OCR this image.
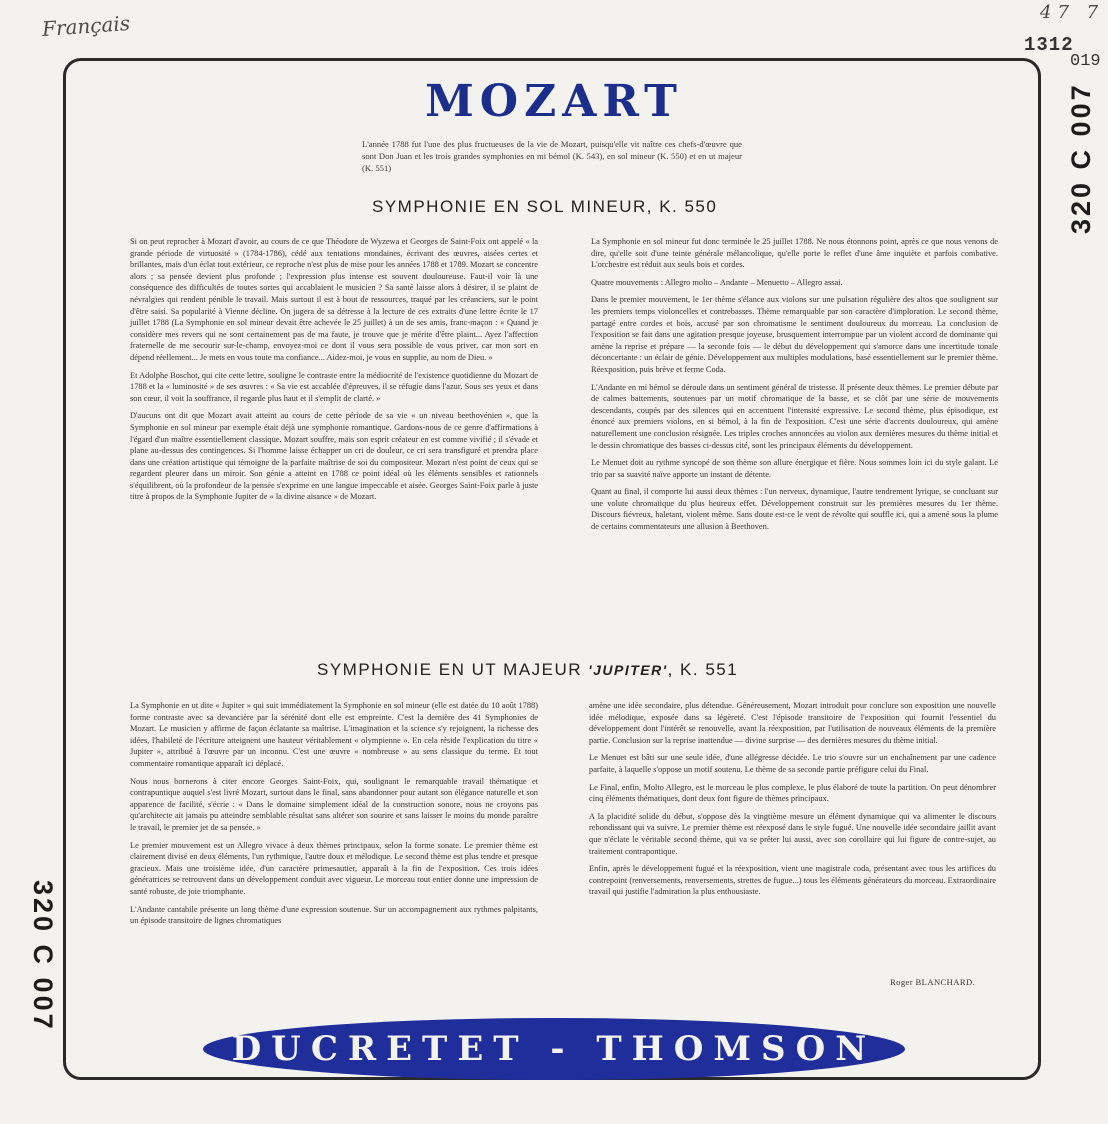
Français	47 7
1312
019
320 C 007
320 C 007
MOZART
L'année 1788 fut l'une des plus fructueuses de la vie de Mozart, puisqu'elle vit naître ces chefs-d'œuvre que sont Don Juan et les trois grandes symphonies en mi bémol (K. 543), en sol mineur (K. 550) et en ut majeur (K. 551)
SYMPHONIE EN SOL MINEUR, K. 550

Si on peut reprocher à Mozart d'avoir, au cours de ce que Théodore de Wyzewa et Georges de Saint-Foix ont appelé « la grande période de virtuosité » (1784-1786), cédé aux tentations mondaines, écrivant des œuvres, aisées certes et brillantes, mais d'un éclat tout extérieur, ce reproche n'est plus de mise pour les années 1788 et 1789. Mozart se concentre alors ; sa pensée devient plus profonde ; l'expression plus intense est souvent douloureuse. Faut-il voir là une conséquence des difficultés de toutes sortes qui accablaient le musicien ? Sa santé laisse alors à désirer, il se plaint de névralgies qui rendent pénible le travail. Mais surtout il est à bout de ressources, traqué par les créanciers, sur le point d'être saisi. Sa popularité à Vienne décline. On jugera de sa détresse à la lecture de ces extraits d'une lettre écrite le 17 juillet 1788 (La Symphonie en sol mineur devait être achevée le 25 juillet) à un de ses amis, franc-maçon : « Quand je considère mes revers qui ne sont certainement pas de ma faute, je trouve que je mérite d'être plaint... Ayez l'affection fraternelle de me secourir sur-le-champ, envoyez-moi ce dont il vous sera possible de vous priver, car mon sort en dépend réellement... Je mets en vous toute ma confiance... Aidez-moi, je vous en supplie, au nom de Dieu. »

Et Adolphe Boschot, qui cite cette lettre, souligne le contraste entre la médiocrité de l'existence quotidienne du Mozart de 1788 et la « luminosité » de ses œuvres : « Sa vie est accablée d'épreuves, il se réfugie dans l'azur. Sous ses yeux et dans son cœur, il voit la souffrance, il regarde plus haut et il s'emplit de clarté. »

D'aucuns ont dit que Mozart avait atteint au cours de cette période de sa vie « un niveau beethovénien », que la Symphonie en sol mineur par exemple était déjà une symphonie romantique. Gardons-nous de ce genre d'affirmations à l'égard d'un maître essentiellement classique. Mozart souffre, mais son esprit créateur en est comme vivifié ; il s'évade et plane au-dessus des contingences. Si l'homme laisse échapper un cri de douleur, ce cri sera transfiguré et prendra place dans une création artistique qui témoigne de la parfaite maîtrise de soi du compositeur. Mozart n'est point de ceux qui se regardent pleurer dans un miroir. Son génie a atteint en 1788 ce point idéal où les éléments sensibles et rationnels s'équilibrent, où la profondeur de la pensée s'exprime en une langue impeccable et aisée. Georges Saint-Foix parle à juste titre à propos de la Symphonie Jupiter de « la divine aisance » de Mozart.

La Symphonie en sol mineur fut donc terminée le 25 juillet 1788. Ne nous étonnons point, après ce que nous venons de dire, qu'elle soit d'une teinte générale mélancolique, qu'elle porte le reflet d'une âme inquiète et parfois combative. L'orchestre est réduit aux seuls bois et cordes.

Quatre mouvements : Allegro molto – Andante – Menuetto – Allegro assai.

Dans le premier mouvement, le 1er thème s'élance aux violons sur une pulsation régulière des altos que soulignent sur les premiers temps violoncelles et contrebasses. Thème remarquable par son caractère d'imploration. Le second thème, partagé entre cordes et bois, accusé par son chromatisme le sentiment douloureux du morceau. La conclusion de l'exposition se fait dans une agitation presque joyeuse, brusquement interrompue par un violent accord de dominante qui amène la reprise et prépare — la seconde fois — le début du développement qui s'amorce dans une incertitude tonale déconcertante : un éclair de génie. Développement aux multiples modulations, basé essentiellement sur le premier thème. Réexposition, puis brève et ferme Coda.

L'Andante en mi bémol se déroule dans un sentiment général de tristesse. Il présente deux thèmes. Le premier débute par de calmes battements, soutenues par un motif chromatique de la basse, et se clôt par une série de mouvements descendants, coupés par des silences qui en accentuent l'intensité expressive. Le second thème, plus épisodique, est énoncé aux premiers violons, en si bémol, à la fin de l'exposition. C'est une série d'accents douloureux, qui amène naturellement une conclusion résignée. Les triples croches annoncées au violon aux dernières mesures du thème initial et le dessin chromatique des basses ci-dessus cité, sont les principaux éléments du développement.

Le Menuet doit au rythme syncopé de son thème son allure énergique et fière. Nous sommes loin ici du style galant. Le trio par sa suavité naïve apporte un instant de détente.

Quant au final, il comporte lui aussi deux thèmes : l'un nerveux, dynamique, l'autre tendrement lyrique, se concluant sur une volute chromatique du plus heureux effet. Développement construit sur les premières mesures du 1er thème. Discours fiévreux, haletant, violent même. Sans doute est-ce le vent de révolte qui souffle ici, qui a amené sous la plume de certains commentateurs une allusion à Beethoven.

SYMPHONIE EN UT MAJEUR 'JUPITER', K. 551

La Symphonie en ut dite « Jupiter » qui suit immédiatement la Symphonie en sol mineur (elle est datée du 10 août 1788) forme contraste avec sa devancière par la sérénité dont elle est empreinte. C'est la dernière des 41 Symphonies de Mozart. Le musicien y affirme de façon éclatante sa maîtrise. L'imagination et la science s'y rejoignent, la richesse des idées, l'habileté de l'écriture atteignent une hauteur véritablement « olympienne ». En cela réside l'explication du titre « Jupiter », attribué à l'œuvre par un inconnu. C'est une œuvre « nombreuse » au sens classique du terme. Et tout commentaire romantique apparaît ici déplacé.

Nous nous bornerons à citer encore Georges Saint-Foix, qui, soulignant le remarquable travail thématique et contrapuntique auquel s'est livré Mozart, surtout dans le final, sans abandonner pour autant son élégance naturelle et son apparence de facilité, s'écrie : « Dans le domaine simplement idéal de la construction sonore, nous ne croyons pas qu'architecte ait jamais pu atteindre semblable résultat sans altérer son sourire et sans laisser le moins du monde paraître le travail, le premier jet de sa pensée. »

Le premier mouvement est un Allegro vivace à deux thèmes principaux, selon la forme sonate. Le premier thème est clairement divisé en deux éléments, l'un rythmique, l'autre doux et mélodique. Le second thème est plus tendre et presque gracieux. Mais une troisième idée, d'un caractère primesautier, apparaît à la fin de l'exposition. Ces trois idées génératrices se retrouvent dans un développement conduit avec vigueur. Le morceau tout entier donne une impression de santé robuste, de joie triomphante.

L'Andante cantabile présente un long thème d'une expression soutenue. Sur un accompagnement aux rythmes palpitants, un épisode transitoire de lignes chromatiques

amène une idée secondaire, plus détendue. Généreusement, Mozart introduit pour conclure son exposition une nouvelle idée mélodique, exposée dans sa légèreté. C'est l'épisode transitoire de l'exposition qui fournit l'essentiel du développement dont l'intérêt se renouvelle, avant la réexposition, par l'utilisation de nouveaux éléments de la première partie. Conclusion sur la reprise inattendue — divine surprise — des dernières mesures du thème initial.

Le Menuet est bâti sur une seule idée, d'une allégresse décidée. Le trio s'ouvre sur un enchaînement par une cadence parfaite, à laquelle s'oppose un motif soutenu. Le thème de sa seconde partie préfigure celui du Final.

Le Final, enfin, Molto Allegro, est le morceau le plus complexe, le plus élaboré de toute la partition. On peut dénombrer cinq éléments thématiques, dont deux font figure de thèmes principaux.

A la placidité solide du début, s'oppose dès la vingtième mesure un élément dynamique qui va alimenter le discours rebondissant qui va suivre. Le premier thème est réexposé dans le style fugué. Une nouvelle idée secondaire jaillit avant que n'éclate le véritable second thème, qui va se prêter lui aussi, avec son corollaire qui lui figure de contre-sujet, au traitement contrapontique.

Enfin, après le développement fugué et la réexposition, vient une magistrale coda, présentant avec tous les artifices du contrepoint (renversements, renversements, strettes de fugue...) tous les éléments générateurs du morceau. Extraordinaire travail qui justifie l'admiration la plus enthousiaste.

Roger BLANCHARD.
DUCRETET - THOMSON
